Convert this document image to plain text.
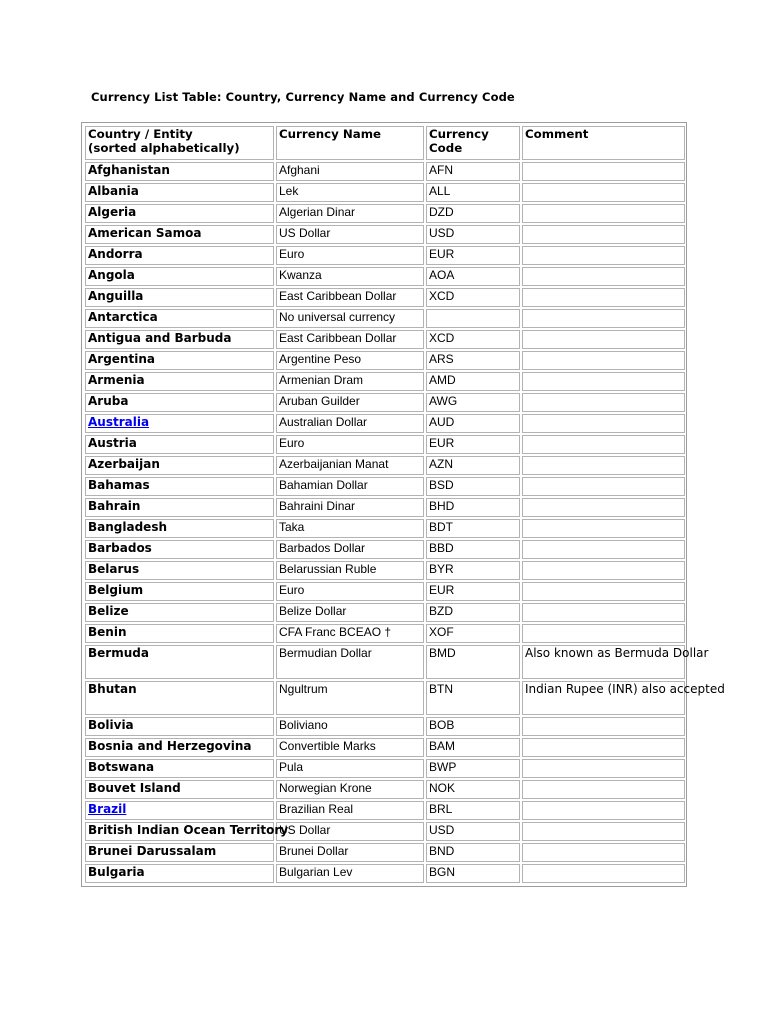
Currency List Table: Country, Currency Name and Currency Code
Country / Entity
(sorted alphabetically)	Currency Name	Currency Code	Comment
Afghanistan	Afghani	AFN	
Albania	Lek	ALL	
Algeria	Algerian Dinar	DZD	
American Samoa	US Dollar	USD	
Andorra	Euro	EUR	
Angola	Kwanza	AOA	
Anguilla	East Caribbean Dollar	XCD	
Antarctica	No universal currency		
Antigua and Barbuda	East Caribbean Dollar	XCD	
Argentina	Argentine Peso	ARS	
Armenia	Armenian Dram	AMD	
Aruba	Aruban Guilder	AWG	
Australia	Australian Dollar	AUD	
Austria	Euro	EUR	
Azerbaijan	Azerbaijanian Manat	AZN	
Bahamas	Bahamian Dollar	BSD	
Bahrain	Bahraini Dinar	BHD	
Bangladesh	Taka	BDT	
Barbados	Barbados Dollar	BBD	
Belarus	Belarussian Ruble	BYR	
Belgium	Euro	EUR	
Belize	Belize Dollar	BZD	
Benin	CFA Franc BCEAO †	XOF	
Bermuda	Bermudian Dollar	BMD	Also known as Bermuda Dollar
Bhutan	Ngultrum	BTN	Indian Rupee (INR) also accepted
Bolivia	Boliviano	BOB	
Bosnia and Herzegovina	Convertible Marks	BAM	
Botswana	Pula	BWP	
Bouvet Island	Norwegian Krone	NOK	
Brazil	Brazilian Real	BRL	
British Indian Ocean Territory	US Dollar	USD	
Brunei Darussalam	Brunei Dollar	BND	
Bulgaria	Bulgarian Lev	BGN	
